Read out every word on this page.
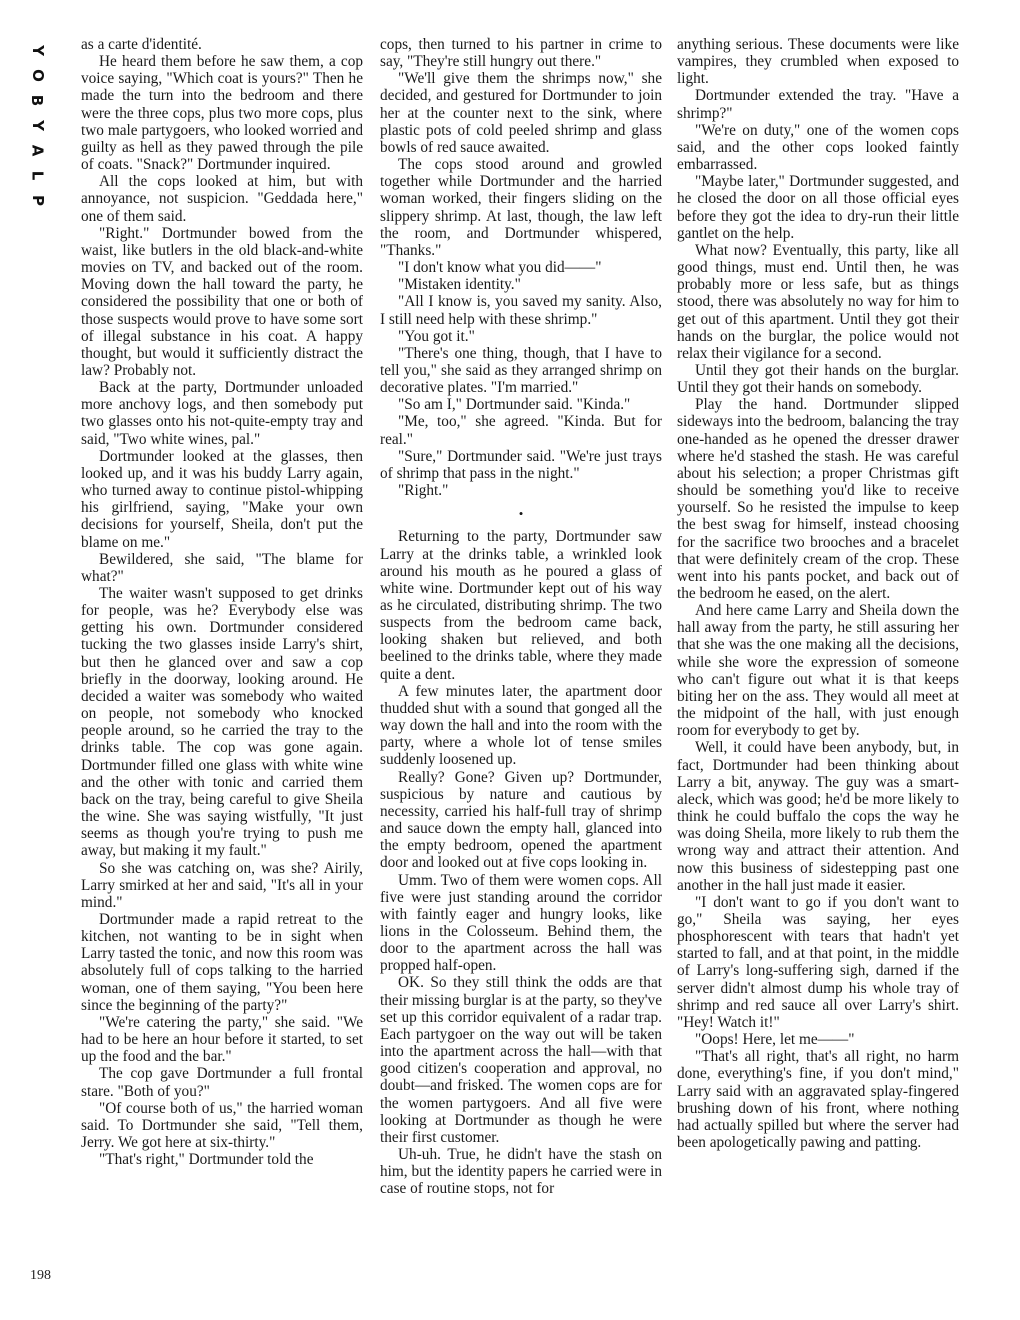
Y
O
B
Y
A
L
P

as a carte d'identité.

He heard them before he saw them, a cop voice saying, "Which coat is yours?" Then he made the turn into the bedroom and there were the three cops, plus two more cops, plus two male partygoers, who looked worried and guilty as hell as they pawed through the pile of coats. "Snack?" Dortmunder inquired.

All the cops looked at him, but with annoyance, not suspicion. "Geddada here," one of them said.

"Right." Dortmunder bowed from the waist, like butlers in the old black-and-white movies on TV, and backed out of the room. Moving down the hall toward the party, he considered the possibility that one or both of those suspects would prove to have some sort of illegal substance in his coat. A happy thought, but would it sufficiently distract the law? Probably not.

Back at the party, Dortmunder unloaded more anchovy logs, and then somebody put two glasses onto his not-quite-empty tray and said, "Two white wines, pal."

Dortmunder looked at the glasses, then looked up, and it was his buddy Larry again, who turned away to continue pistol-whipping his girlfriend, saying, "Make your own decisions for yourself, Sheila, don't put the blame on me."

Bewildered, she said, "The blame for what?"

The waiter wasn't supposed to get drinks for people, was he? Everybody else was getting his own. Dortmunder considered tucking the two glasses inside Larry's shirt, but then he glanced over and saw a cop briefly in the doorway, looking around. He decided a waiter was somebody who waited on people, not somebody who knocked people around, so he carried the tray to the drinks table. The cop was gone again. Dortmunder filled one glass with white wine and the other with tonic and carried them back on the tray, being careful to give Sheila the wine. She was saying wistfully, "It just seems as though you're trying to push me away, but making it my fault."

So she was catching on, was she? Airily, Larry smirked at her and said, "It's all in your mind."

Dortmunder made a rapid retreat to the kitchen, not wanting to be in sight when Larry tasted the tonic, and now this room was absolutely full of cops talking to the harried woman, one of them saying, "You been here since the beginning of the party?"

"We're catering the party," she said. "We had to be here an hour before it started, to set up the food and the bar."

The cop gave Dortmunder a full frontal stare. "Both of you?"

"Of course both of us," the harried woman said. To Dortmunder she said, "Tell them, Jerry. We got here at six-thirty."

"That's right," Dortmunder told the

cops, then turned to his partner in crime to say, "They're still hungry out there."

"We'll give them the shrimps now," she decided, and gestured for Dortmunder to join her at the counter next to the sink, where plastic pots of cold peeled shrimp and glass bowls of red sauce awaited.

The cops stood around and growled together while Dortmunder and the harried woman worked, their fingers sliding on the slippery shrimp. At last, though, the law left the room, and Dortmunder whispered, "Thanks."

"I don't know what you did——"

"Mistaken identity."

"All I know is, you saved my sanity. Also, I still need help with these shrimp."

"You got it."

"There's one thing, though, that I have to tell you," she said as they arranged shrimp on decorative plates. "I'm married."

"So am I," Dortmunder said. "Kinda."

"Me, too," she agreed. "Kinda. But for real."

"Sure," Dortmunder said. "We're just trays of shrimp that pass in the night."

"Right."

•

Returning to the party, Dortmunder saw Larry at the drinks table, a wrinkled look around his mouth as he poured a glass of white wine. Dortmunder kept out of his way as he circulated, distributing shrimp. The two suspects from the bedroom came back, looking shaken but relieved, and both beelined to the drinks table, where they made quite a dent.

A few minutes later, the apartment door thudded shut with a sound that gonged all the way down the hall and into the room with the party, where a whole lot of tense smiles suddenly loosened up.

Really? Gone? Given up? Dortmunder, suspicious by nature and cautious by necessity, carried his half-full tray of shrimp and sauce down the empty hall, glanced into the empty bedroom, opened the apartment door and looked out at five cops looking in.

Umm. Two of them were women cops. All five were just standing around the corridor with faintly eager and hungry looks, like lions in the Colosseum. Behind them, the door to the apartment across the hall was propped half-open.

OK. So they still think the odds are that their missing burglar is at the party, so they've set up this corridor equivalent of a radar trap. Each partygoer on the way out will be taken into the apartment across the hall—with that good citizen's cooperation and approval, no doubt—and frisked. The women cops are for the women partygoers. And all five were looking at Dortmunder as though he were their first customer.

Uh-uh. True, he didn't have the stash on him, but the identity papers he carried were in case of routine stops, not for

anything serious. These documents were like vampires, they crumbled when exposed to light.

Dortmunder extended the tray. "Have a shrimp?"

"We're on duty," one of the women cops said, and the other cops looked faintly embarrassed.

"Maybe later," Dortmunder suggested, and he closed the door on all those official eyes before they got the idea to dry-run their little gantlet on the help.

What now? Eventually, this party, like all good things, must end. Until then, he was probably more or less safe, but as things stood, there was absolutely no way for him to get out of this apartment. Until they got their hands on the burglar, the police would not relax their vigilance for a second.

Until they got their hands on the burglar. Until they got their hands on somebody.

Play the hand. Dortmunder slipped sideways into the bedroom, balancing the tray one-handed as he opened the dresser drawer where he'd stashed the stash. He was careful about his selection; a proper Christmas gift should be something you'd like to receive yourself. So he resisted the impulse to keep the best swag for himself, instead choosing for the sacrifice two brooches and a bracelet that were definitely cream of the crop. These went into his pants pocket, and back out of the bedroom he eased, on the alert.

And here came Larry and Sheila down the hall away from the party, he still assuring her that she was the one making all the decisions, while she wore the expression of someone who can't figure out what it is that keeps biting her on the ass. They would all meet at the midpoint of the hall, with just enough room for everybody to get by.

Well, it could have been anybody, but, in fact, Dortmunder had been thinking about Larry a bit, anyway. The guy was a smart-aleck, which was good; he'd be more likely to think he could buffalo the cops the way he was doing Sheila, more likely to rub them the wrong way and attract their attention. And now this business of sidestepping past one another in the hall just made it easier.

"I don't want to go if you don't want to go," Sheila was saying, her eyes phosphorescent with tears that hadn't yet started to fall, and at that point, in the middle of Larry's long-suffering sigh, darned if the server didn't almost dump his whole tray of shrimp and red sauce all over Larry's shirt. "Hey! Watch it!"

"Oops! Here, let me——"

"That's all right, that's all right, no harm done, everything's fine, if you don't mind," Larry said with an aggravated splay-fingered brushing down of his front, where nothing had actually spilled but where the server had been apologetically pawing and patting.

198
